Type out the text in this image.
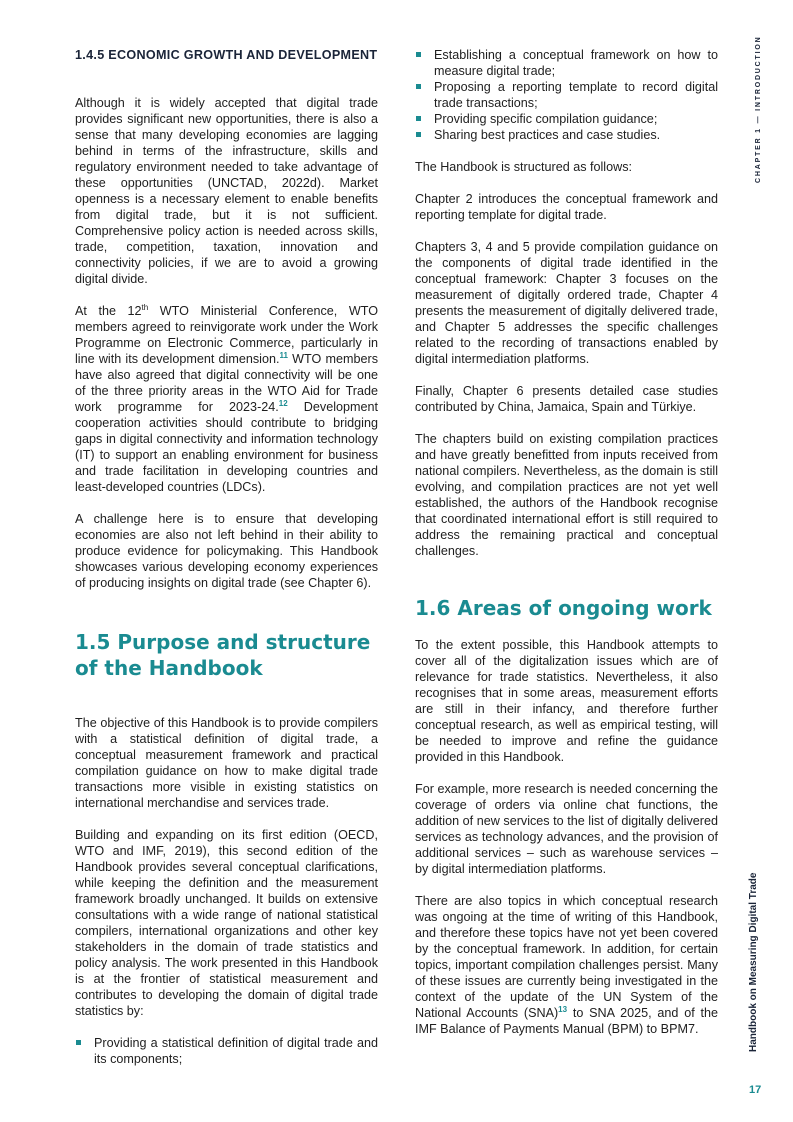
1.4.5 ECONOMIC GROWTH AND DEVELOPMENT

Although it is widely accepted that digital trade provides significant new opportunities, there is also a sense that many developing economies are lagging behind in terms of the infrastructure, skills and regulatory environment needed to take advantage of these opportunities (UNCTAD, 2022d). Market openness is a necessary element to enable benefits from digital trade, but it is not sufficient. Comprehensive policy action is needed across skills, trade, competition, taxation, innovation and connectivity policies, if we are to avoid a growing digital divide.

At the 12th WTO Ministerial Conference, WTO members agreed to reinvigorate work under the Work Programme on Electronic Commerce, particularly in line with its development dimension.$^{11}$ WTO members have also agreed that digital connectivity will be one of the three priority areas in the WTO Aid for Trade work programme for 2023-24.12 Development cooperation activities should contribute to bridging gaps in digital connectivity and information technology (IT) to support an enabling environment for business and trade facilitation in developing countries and least-developed countries (LDCs).

A challenge here is to ensure that developing economies are also not left behind in their ability to produce evidence for policymaking. This Handbook showcases various developing economy experiences of producing insights on digital trade (see Chapter 6).

1.5 Purpose and structure of the Handbook

The objective of this Handbook is to provide compilers with a statistical definition of digital trade, a conceptual measurement framework and practical compilation guidance on how to make digital trade transactions more visible in existing statistics on international merchandise and services trade.

Building and expanding on its first edition (OECD, WTO and IMF, 2019), this second edition of the Handbook provides several conceptual clarifications, while keeping the definition and the measurement framework broadly unchanged. It builds on extensive consultations with a wide range of national statistical compilers, international organizations and other key stakeholders in the domain of trade statistics and policy analysis. The work presented in this Handbook is at the frontier of statistical measurement and contributes to developing the domain of digital trade statistics by:

Providing a statistical definition of digital trade and its components;
Establishing a conceptual framework on how to measure digital trade;
Proposing a reporting template to record digital trade transactions;
Providing specific compilation guidance;
Sharing best practices and case studies.

The Handbook is structured as follows:

Chapter 2 introduces the conceptual framework and reporting template for digital trade.

Chapters 3, 4 and 5 provide compilation guidance on the components of digital trade identified in the conceptual framework: Chapter 3 focuses on the measurement of digitally ordered trade, Chapter 4 presents the measurement of digitally delivered trade, and Chapter 5 addresses the specific challenges related to the recording of transactions enabled by digital intermediation platforms.

Finally, Chapter 6 presents detailed case studies contributed by China, Jamaica, Spain and Türkiye.

The chapters build on existing compilation practices and have greatly benefitted from inputs received from national compilers. Nevertheless, as the domain is still evolving, and compilation practices are not yet well established, the authors of the Handbook recognise that coordinated international effort is still required to address the remaining practical and conceptual challenges.

1.6 Areas of ongoing work

To the extent possible, this Handbook attempts to cover all of the digitalization issues which are of relevance for trade statistics. Nevertheless, it also recognises that in some areas, measurement efforts are still in their infancy, and therefore further conceptual research, as well as empirical testing, will be needed to improve and refine the guidance provided in this Handbook.

For example, more research is needed concerning the coverage of orders via online chat functions, the addition of new services to the list of digitally delivered services as technology advances, and the provision of additional services – such as warehouse services – by digital intermediation platforms.

There are also topics in which conceptual research was ongoing at the time of writing of this Handbook, and therefore these topics have not yet been covered by the conceptual framework. In addition, for certain topics, important compilation challenges persist. Many of these issues are currently being investigated in the context of the update of the UN System of the National Accounts (SNA)$^{13}$ to SNA 2025, and of the IMF Balance of Payments Manual (BPM) to BPM7.

CHAPTER 1 — INTRODUCTION
Handbook on Measuring Digital Trade
17
